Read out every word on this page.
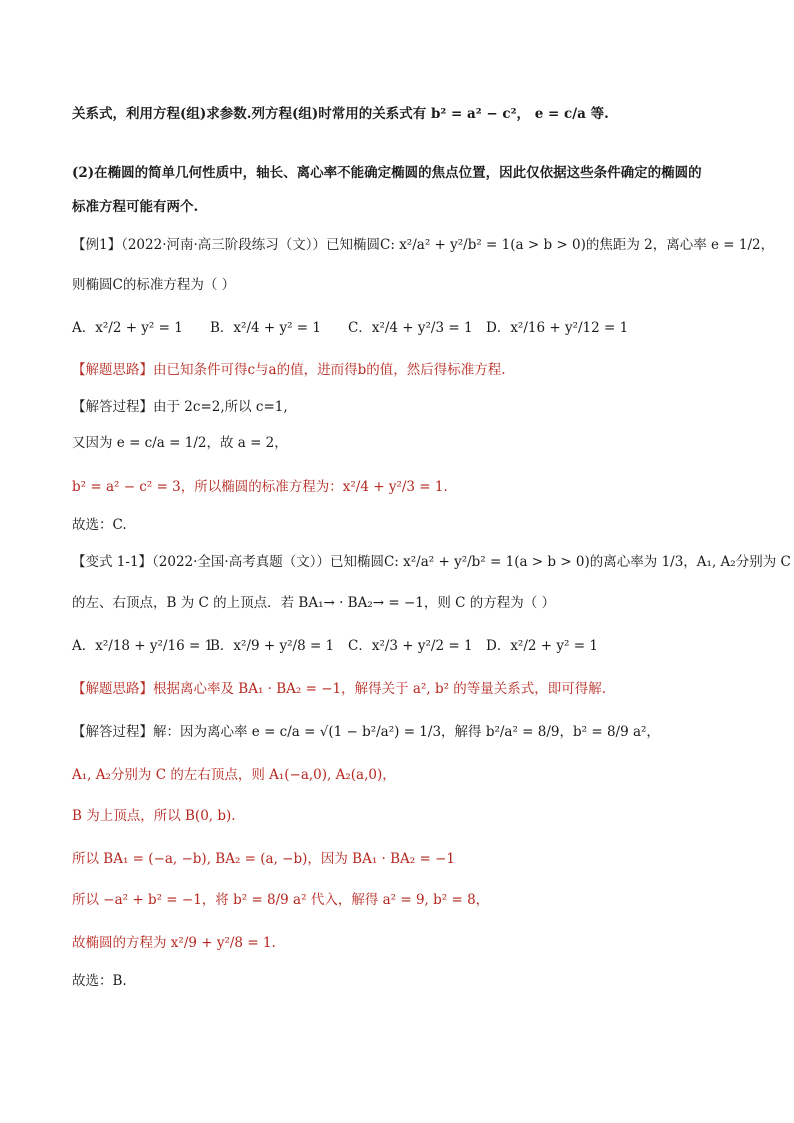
关系式，利用方程(组)求参数.列方程(组)时常用的关系式有 b² = a² − c²， e = c/a 等.
(2)在椭圆的简单几何性质中，轴长、离心率不能确定椭圆的焦点位置，因此仅依据这些条件确定的椭圆的
标准方程可能有两个.
【例1】（2022·河南·高三阶段练习（文））已知椭圆C: x²/a² + y²/b² = 1(a > b > 0)的焦距为 2，离心率 e = 1/2，
则椭圆C的标准方程为（ ）
A．x²/2 + y² = 1 B．x²/4 + y² = 1 C．x²/4 + y²/3 = 1 D．x²/16 + y²/12 = 1
【解题思路】由已知条件可得c与a的值，进而得b的值，然后得标准方程.
【解答过程】由于 2c=2,所以 c=1,
又因为 e = c/a = 1/2，故 a = 2，
b² = a² − c² = 3，所以椭圆的标准方程为：x²/4 + y²/3 = 1.
故选：C.
【变式 1-1】（2022·全国·高考真题（文））已知椭圆C: x²/a² + y²/b² = 1(a > b > 0)的离心率为 1/3，A₁, A₂分别为 C
的左、右顶点，B 为 C 的上顶点．若 BA₁→ · BA₂→ = −1，则 C 的方程为（ ）
A．x²/18 + y²/16 = 1
B．x²/9 + y²/8 = 1 C．x²/3 + y²/2 = 1 D．x²/2 + y² = 1
【解题思路】根据离心率及 BA₁ · BA₂ = −1，解得关于 a², b² 的等量关系式，即可得解.
【解答过程】解：因为离心率 e = c/a = √(1 − b²/a²) = 1/3，解得 b²/a² = 8/9，b² = 8/9 a²，
A₁, A₂分别为 C 的左右顶点，则 A₁(−a,0), A₂(a,0)，
B 为上顶点，所以 B(0, b).
所以 BA₁ = (−a, −b), BA₂ = (a, −b)，因为 BA₁ · BA₂ = −1
所以 −a² + b² = −1，将 b² = 8/9 a² 代入，解得 a² = 9, b² = 8，
故椭圆的方程为 x²/9 + y²/8 = 1.
故选：B.
